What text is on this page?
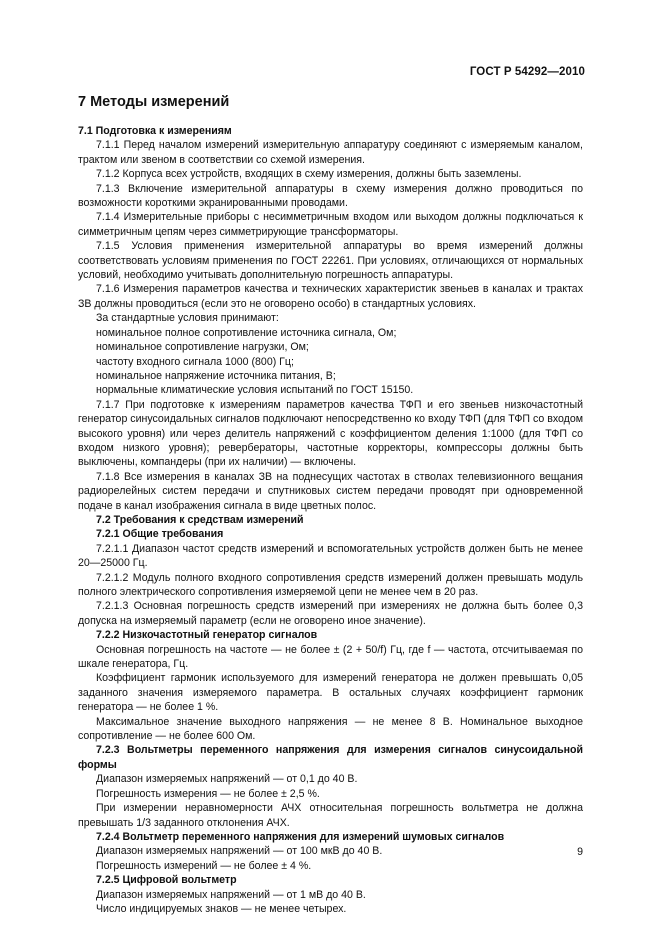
ГОСТ Р 54292—2010
7 Методы измерений

7.1 Подготовка к измерениям

7.1.1 Перед началом измерений измерительную аппаратуру соединяют с измеряемым каналом, трактом или звеном в соответствии со схемой измерения.

7.1.2 Корпуса всех устройств, входящих в схему измерения, должны быть заземлены.

7.1.3 Включение измерительной аппаратуры в схему измерения должно проводиться по возможности короткими экранированными проводами.

7.1.4 Измерительные приборы с несимметричным входом или выходом должны подключаться к симметричным цепям через симметрирующие трансформаторы.

7.1.5 Условия применения измерительной аппаратуры во время измерений должны соответствовать условиям применения по ГОСТ 22261. При условиях, отличающихся от нормальных условий, необходимо учитывать дополнительную погрешность аппаратуры.

7.1.6 Измерения параметров качества и технических характеристик звеньев в каналах и трактах ЗВ должны проводиться (если это не оговорено особо) в стандартных условиях.

За стандартные условия принимают:

номинальное полное сопротивление источника сигнала, Ом;

номинальное сопротивление нагрузки, Ом;

частоту входного сигнала 1000 (800) Гц;

номинальное напряжение источника питания, В;

нормальные климатические условия испытаний по ГОСТ 15150.

7.1.7 При подготовке к измерениям параметров качества ТФП и его звеньев низкочастотный генератор синусоидальных сигналов подключают непосредственно ко входу ТФП (для ТФП со входом высокого уровня) или через делитель напряжений с коэффициентом деления 1:1000 (для ТФП со входом низкого уровня); ревербераторы, частотные корректоры, компрессоры должны быть выключены, компандеры (при их наличии) — включены.

7.1.8 Все измерения в каналах ЗВ на поднесущих частотах в стволах телевизионного вещания радиорелейных систем передачи и спутниковых систем передачи проводят при одновременной подаче в канал изображения сигнала в виде цветных полос.

7.2 Требования к средствам измерений

7.2.1 Общие требования

7.2.1.1 Диапазон частот средств измерений и вспомогательных устройств должен быть не менее 20—25000 Гц.

7.2.1.2 Модуль полного входного сопротивления средств измерений должен превышать модуль полного электрического сопротивления измеряемой цепи не менее чем в 20 раз.

7.2.1.3 Основная погрешность средств измерений при измерениях не должна быть более 0,3 допуска на измеряемый параметр (если не оговорено иное значение).

7.2.2 Низкочастотный генератор сигналов

Основная погрешность на частоте — не более ± (2 + 50/f) Гц, где f — частота, отсчитываемая по шкале генератора, Гц.

Коэффициент гармоник используемого для измерений генератора не должен превышать 0,05 заданного значения измеряемого параметра. В остальных случаях коэффициент гармоник генератора — не более 1 %.

Максимальное значение выходного напряжения — не менее 8 В. Номинальное выходное сопротивление — не более 600 Ом.

7.2.3 Вольтметры переменного напряжения для измерения сигналов синусоидальной формы

Диапазон измеряемых напряжений — от 0,1 до 40 В.

Погрешность измерения — не более ± 2,5 %.

При измерении неравномерности АЧХ относительная погрешность вольтметра не должна превышать 1/3 заданного отклонения АЧХ.

7.2.4 Вольтметр переменного напряжения для измерений шумовых сигналов

Диапазон измеряемых напряжений — от 100 мкВ до 40 В.

Погрешность измерений — не более ± 4 %.

7.2.5 Цифровой вольтметр

Диапазон измеряемых напряжений — от 1 мВ до 40 В.

Число индицируемых знаков — не менее четырех.

9
